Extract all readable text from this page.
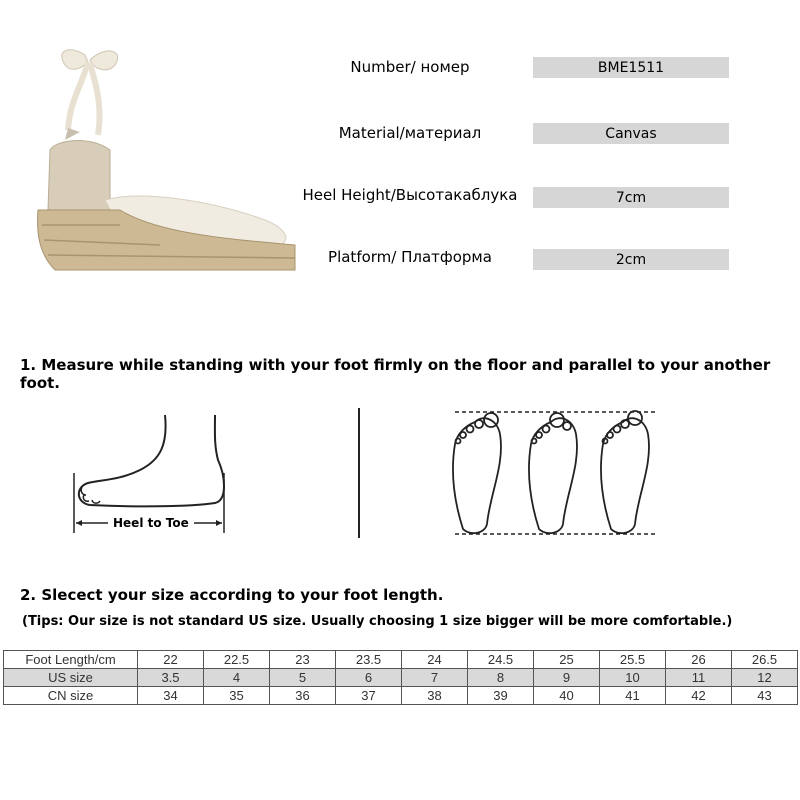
Number/ номер	BME1511
Material/материал	Canvas
Heel Height/Высотакаблука	7cm
Platform/ Платформа	2cm
1. Measure while standing with your foot firmly on the floor and parallel to your another foot.
Heel to Toe
2. Slecect your size according to your foot length.
(Tips: Our size is not standard US size. Usually choosing 1 size bigger will be more comfortable.)
Foot Length/cm	22	22.5	23	23.5	24	24.5	25	25.5	26	26.5
US size	3.5	4	5	6	7	8	9	10	11	12
CN size	34	35	36	37	38	39	40	41	42	43
